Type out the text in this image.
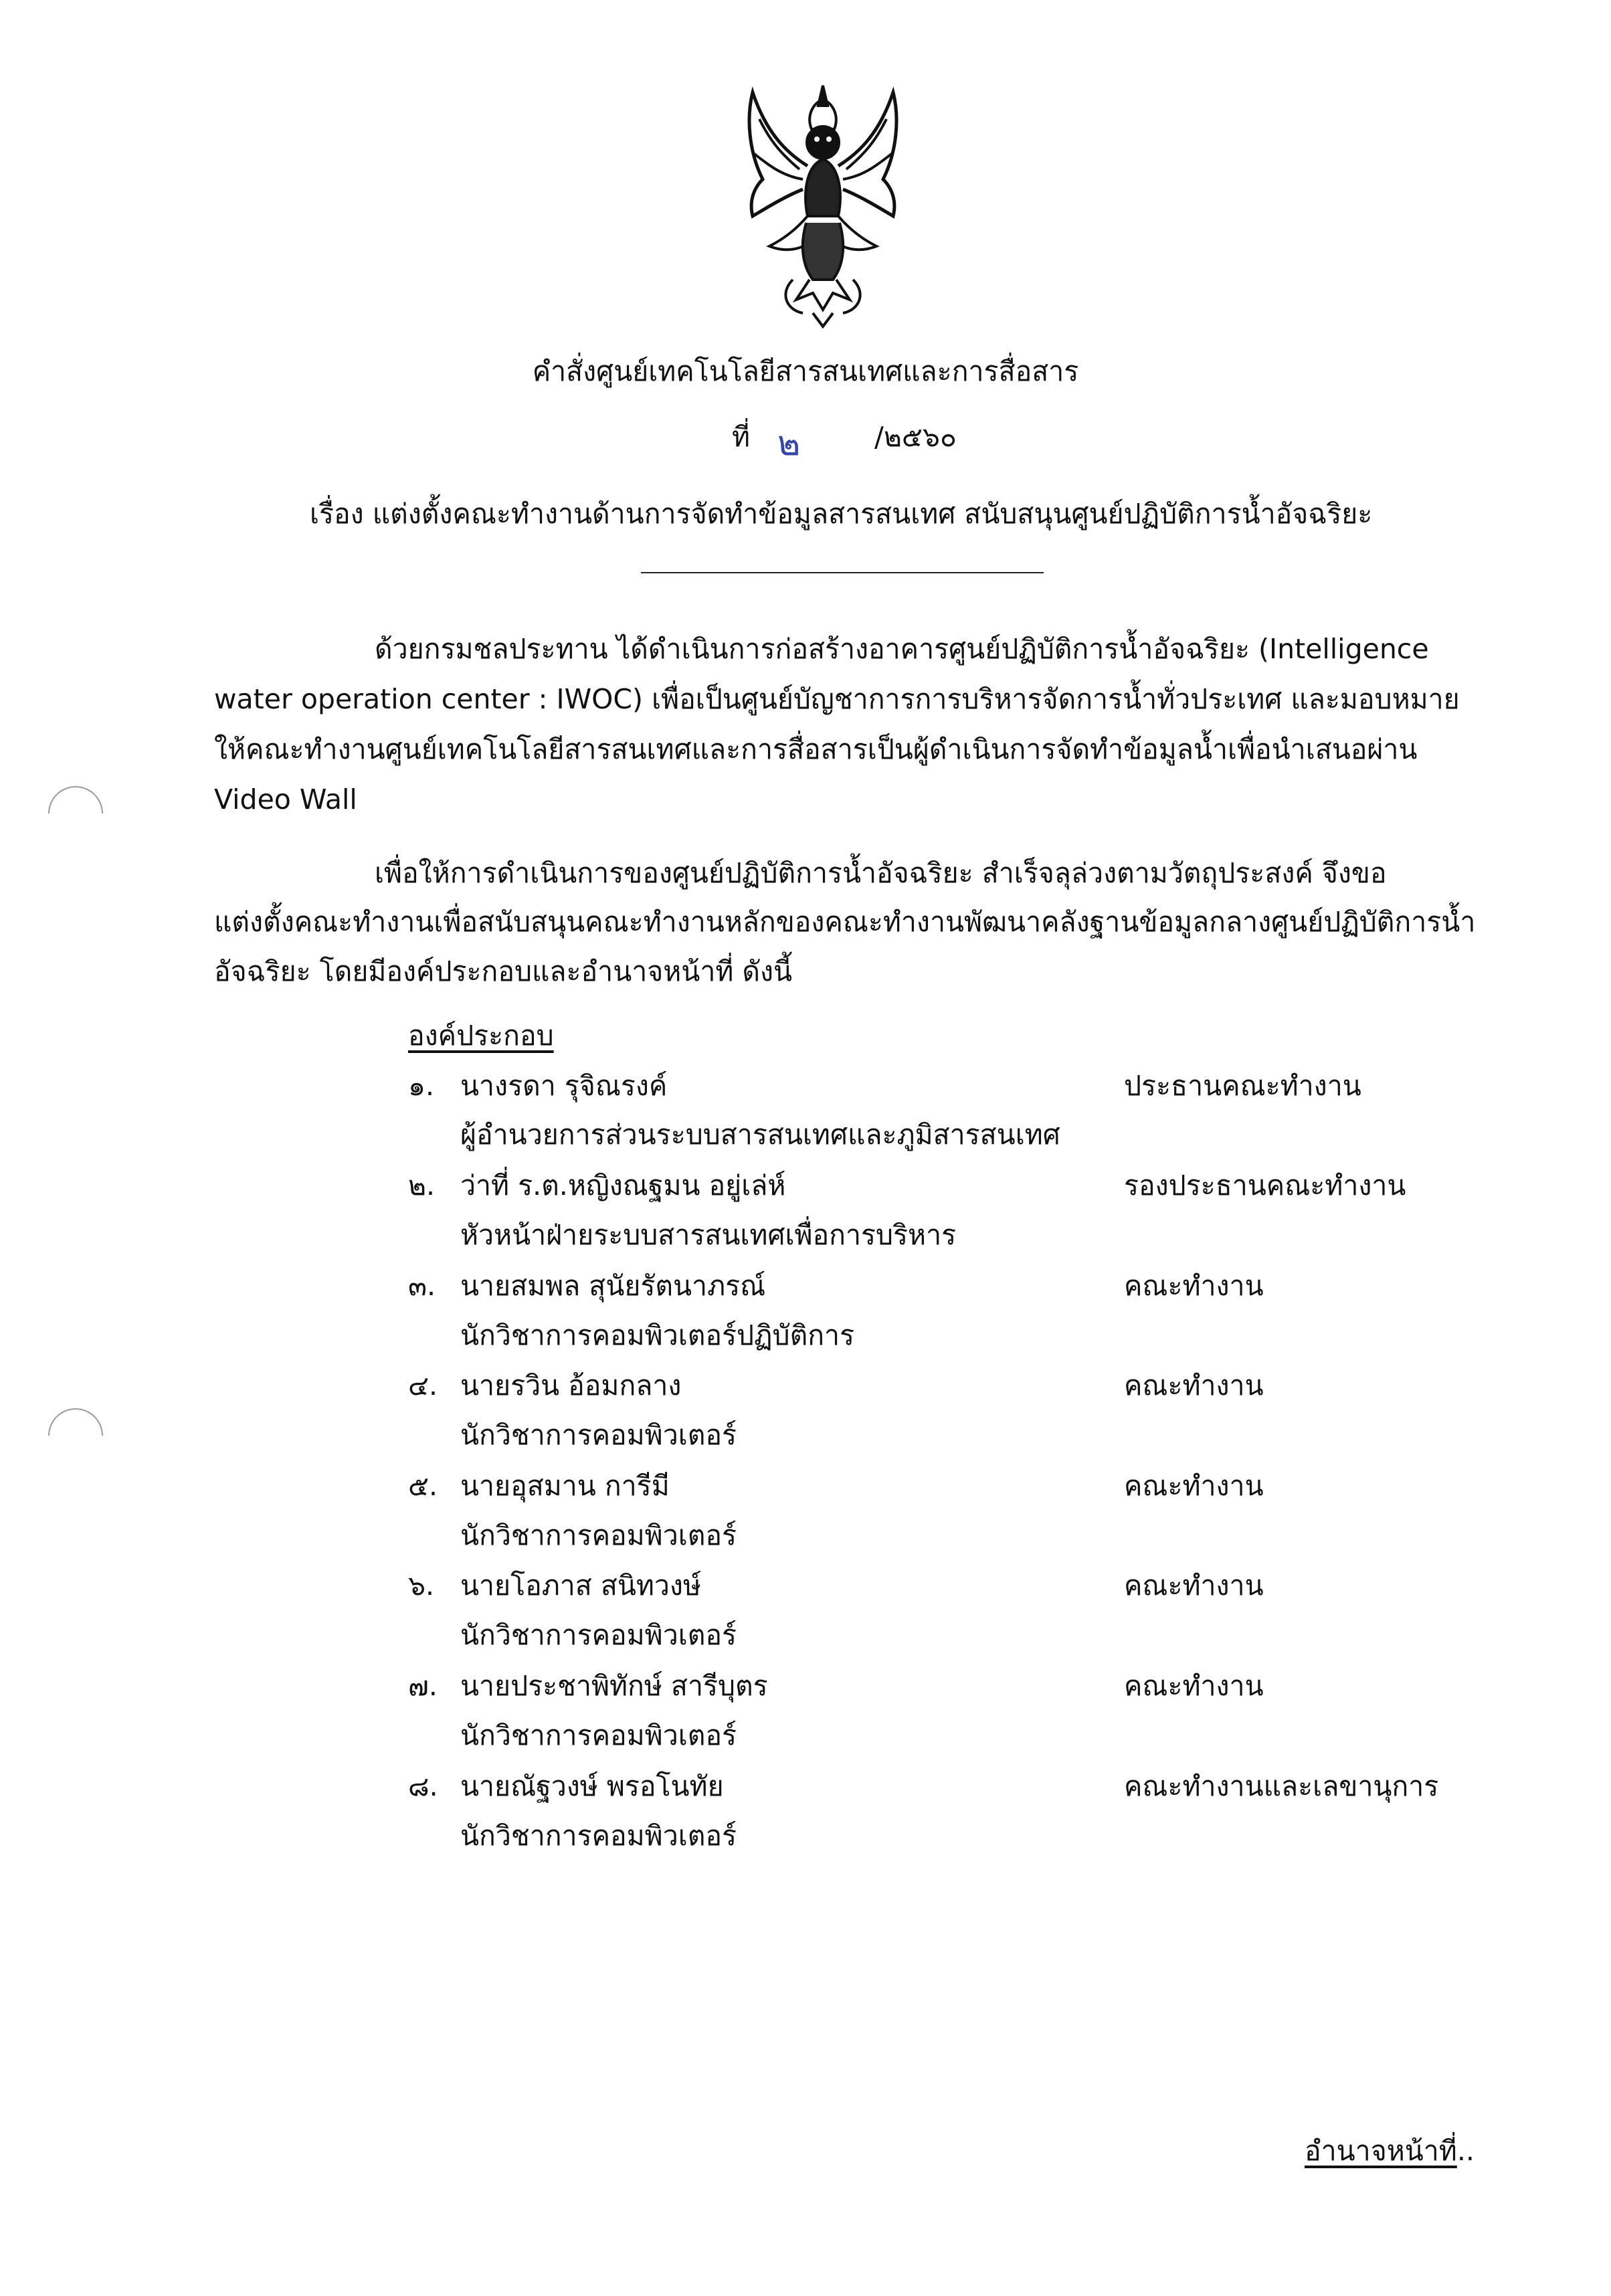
คำสั่งศูนย์เทคโนโลยีสารสนเทศและการสื่อสาร
ที่ ๒	/๒๕๖๐
เรื่อง แต่งตั้งคณะทำงานด้านการจัดทำข้อมูลสารสนเทศ สนับสนุนศูนย์ปฏิบัติการน้ำอัจฉริยะ
ด้วยกรมชลประทาน ได้ดำเนินการก่อสร้างอาคารศูนย์ปฏิบัติการน้ำอัจฉริยะ (Intelligence
water operation center : IWOC) เพื่อเป็นศูนย์บัญชาการการบริหารจัดการน้ำทั่วประเทศ และมอบหมาย
ให้คณะทำงานศูนย์เทคโนโลยีสารสนเทศและการสื่อสารเป็นผู้ดำเนินการจัดทำข้อมูลน้ำเพื่อนำเสนอผ่าน
Video Wall
เพื่อให้การดำเนินการของศูนย์ปฏิบัติการน้ำอัจฉริยะ สำเร็จลุล่วงตามวัตถุประสงค์ จึงขอ
แต่งตั้งคณะทำงานเพื่อสนับสนุนคณะทำงานหลักของคณะทำงานพัฒนาคลังฐานข้อมูลกลางศูนย์ปฏิบัติการน้ำ
อัจฉริยะ โดยมีองค์ประกอบและอำนาจหน้าที่ ดังนี้
องค์ประกอบ
๑. นางรดา รุจิณรงค์	ประธานคณะทำงาน
ผู้อำนวยการส่วนระบบสารสนเทศและภูมิสารสนเทศ
๒. ว่าที่ ร.ต.หญิงณฐมน อยู่เล่ห์	รองประธานคณะทำงาน
หัวหน้าฝ่ายระบบสารสนเทศเพื่อการบริหาร
๓. นายสมพล สุนัยรัตนาภรณ์	คณะทำงาน
นักวิชาการคอมพิวเตอร์ปฏิบัติการ
๔. นายรวิน อ้อมกลาง	คณะทำงาน
นักวิชาการคอมพิวเตอร์
๕. นายอุสมาน การีมี	คณะทำงาน
นักวิชาการคอมพิวเตอร์
๖. นายโอภาส สนิทวงษ์	คณะทำงาน
นักวิชาการคอมพิวเตอร์
๗. นายประชาพิทักษ์ สารีบุตร	คณะทำงาน
นักวิชาการคอมพิวเตอร์
๘. นายณัฐวงษ์ พรอโนทัย	คณะทำงานและเลขานุการ
นักวิชาการคอมพิวเตอร์
อำนาจหน้าที่..
